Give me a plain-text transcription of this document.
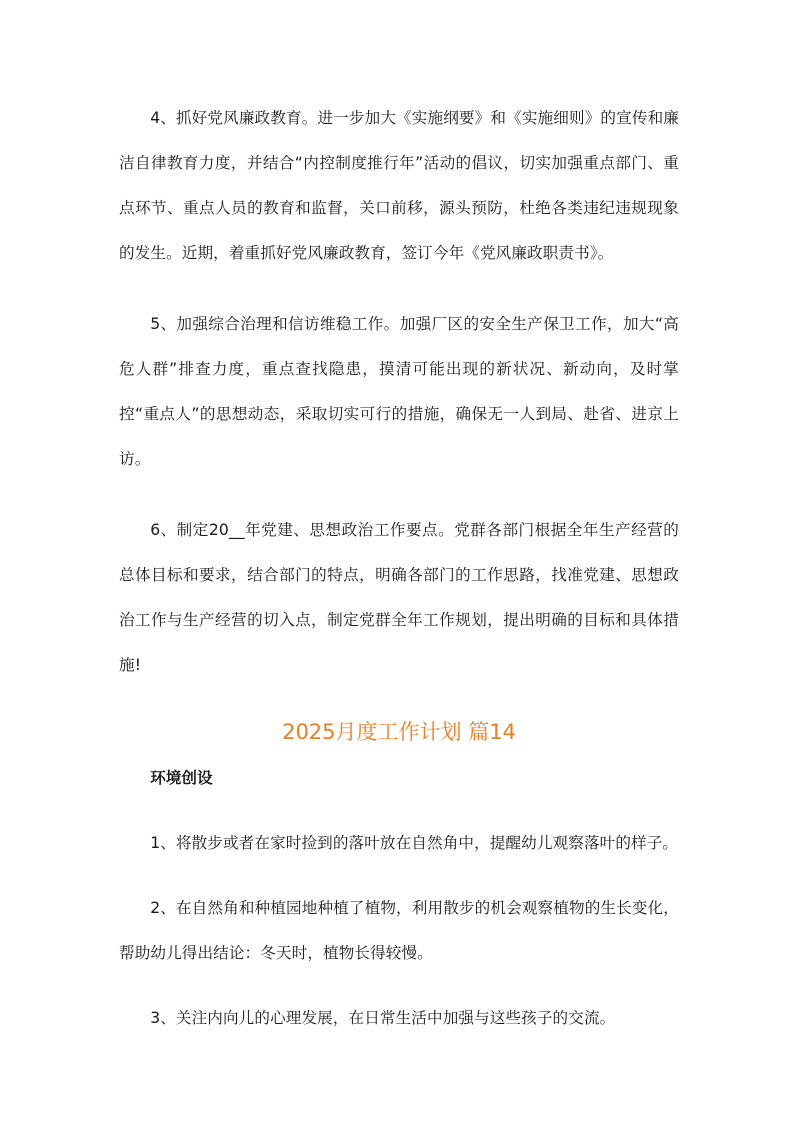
4、抓好党风廉政教育。进一步加大《实施纲要》和《实施细则》的宣传和廉洁自律教育力度，并结合“内控制度推行年”活动的倡议，切实加强重点部门、重点环节、重点人员的教育和监督，关口前移，源头预防，杜绝各类违纪违规现象的发生。近期，着重抓好党风廉政教育，签订今年《党风廉政职责书》。

5、加强综合治理和信访维稳工作。加强厂区的安全生产保卫工作，加大“高危人群”排查力度，重点查找隐患，摸清可能出现的新状况、新动向，及时掌控“重点人”的思想动态，采取切实可行的措施，确保无一人到局、赴省、进京上访。

6、制定20__年党建、思想政治工作要点。党群各部门根据全年生产经营的总体目标和要求，结合部门的特点，明确各部门的工作思路，找准党建、思想政治工作与生产经营的切入点，制定党群全年工作规划，提出明确的目标和具体措施!

2025月度工作计划 篇14

环境创设

1、将散步或者在家时捡到的落叶放在自然角中，提醒幼儿观察落叶的样子。

2、在自然角和种植园地种植了植物，利用散步的机会观察植物的生长变化，帮助幼儿得出结论：冬天时，植物长得较慢。

3、关注内向儿的心理发展，在日常生活中加强与这些孩子的交流。
